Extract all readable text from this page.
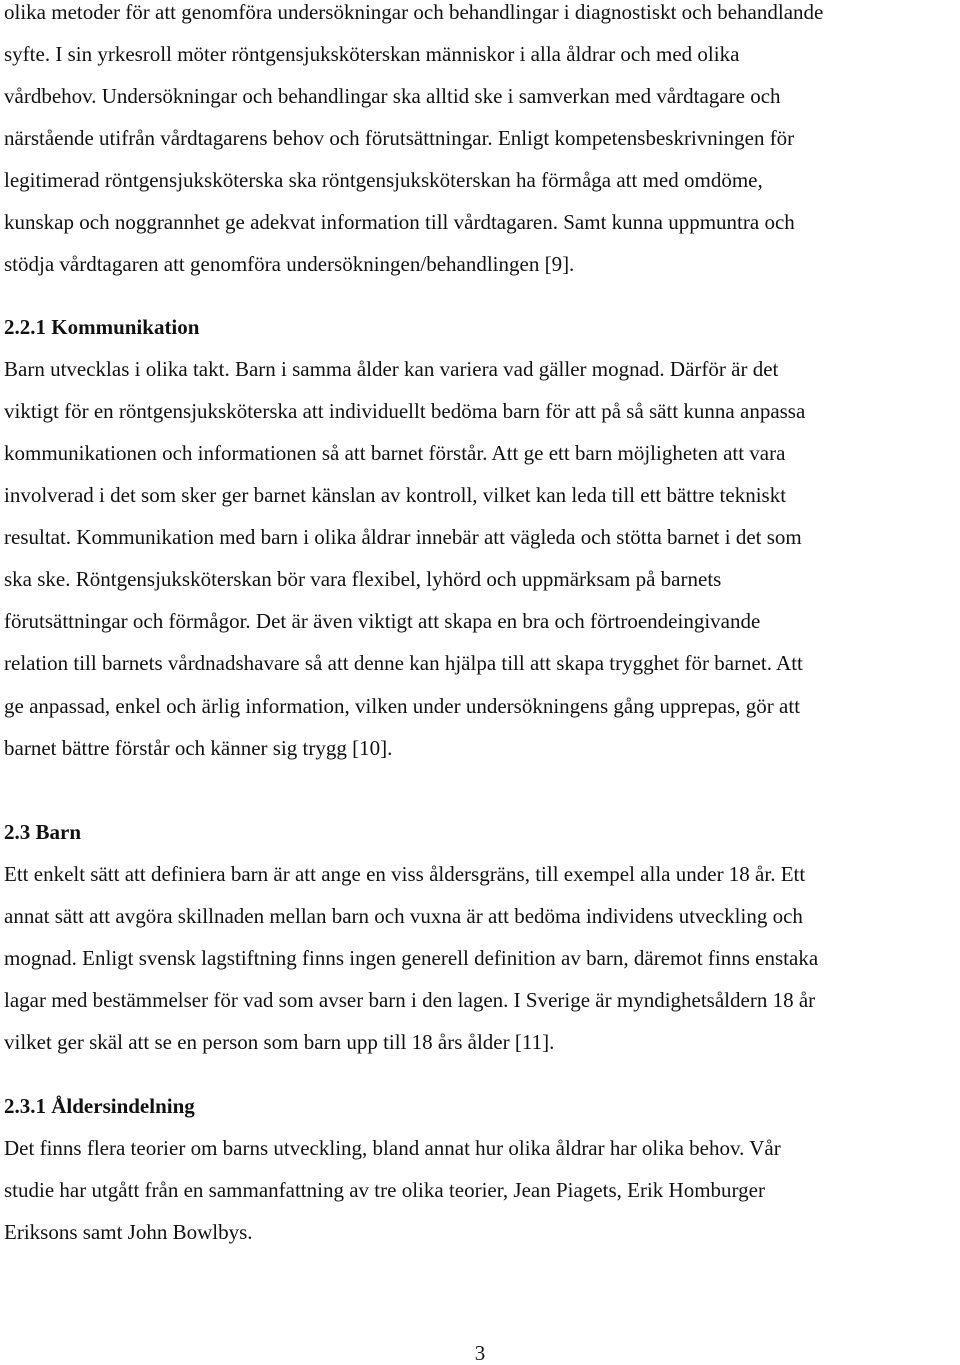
olika metoder för att genomföra undersökningar och behandlingar i diagnostiskt och behandlande

syfte. I sin yrkesroll möter röntgensjuksköterskan människor i alla åldrar och med olika

vårdbehov. Undersökningar och behandlingar ska alltid ske i samverkan med vårdtagare och

närstående utifrån vårdtagarens behov och förutsättningar. Enligt kompetensbeskrivningen för

legitimerad röntgensjuksköterska ska röntgensjuksköterskan ha förmåga att med omdöme,

kunskap och noggrannhet ge adekvat information till vårdtagaren. Samt kunna uppmuntra och

stödja vårdtagaren att genomföra undersökningen/behandlingen [9].

2.2.1 Kommunikation

Barn utvecklas i olika takt. Barn i samma ålder kan variera vad gäller mognad. Därför är det

viktigt för en röntgensjuksköterska att individuellt bedöma barn för att på så sätt kunna anpassa

kommunikationen och informationen så att barnet förstår. Att ge ett barn möjligheten att vara

involverad i det som sker ger barnet känslan av kontroll, vilket kan leda till ett bättre tekniskt

resultat. Kommunikation med barn i olika åldrar innebär att vägleda och stötta barnet i det som

ska ske. Röntgensjuksköterskan bör vara flexibel, lyhörd och uppmärksam på barnets

förutsättningar och förmågor. Det är även viktigt att skapa en bra och förtroendeingivande

relation till barnets vårdnadshavare så att denne kan hjälpa till att skapa trygghet för barnet. Att

ge anpassad, enkel och ärlig information, vilken under undersökningens gång upprepas, gör att

barnet bättre förstår och känner sig trygg [10].

2.3 Barn

Ett enkelt sätt att definiera barn är att ange en viss åldersgräns, till exempel alla under 18 år. Ett

annat sätt att avgöra skillnaden mellan barn och vuxna är att bedöma individens utveckling och

mognad. Enligt svensk lagstiftning finns ingen generell definition av barn, däremot finns enstaka

lagar med bestämmelser för vad som avser barn i den lagen. I Sverige är myndighetsåldern 18 år

vilket ger skäl att se en person som barn upp till 18 års ålder [11].

2.3.1 Åldersindelning

Det finns flera teorier om barns utveckling, bland annat hur olika åldrar har olika behov. Vår

studie har utgått från en sammanfattning av tre olika teorier, Jean Piagets, Erik Homburger

Eriksons samt John Bowlbys.

3
